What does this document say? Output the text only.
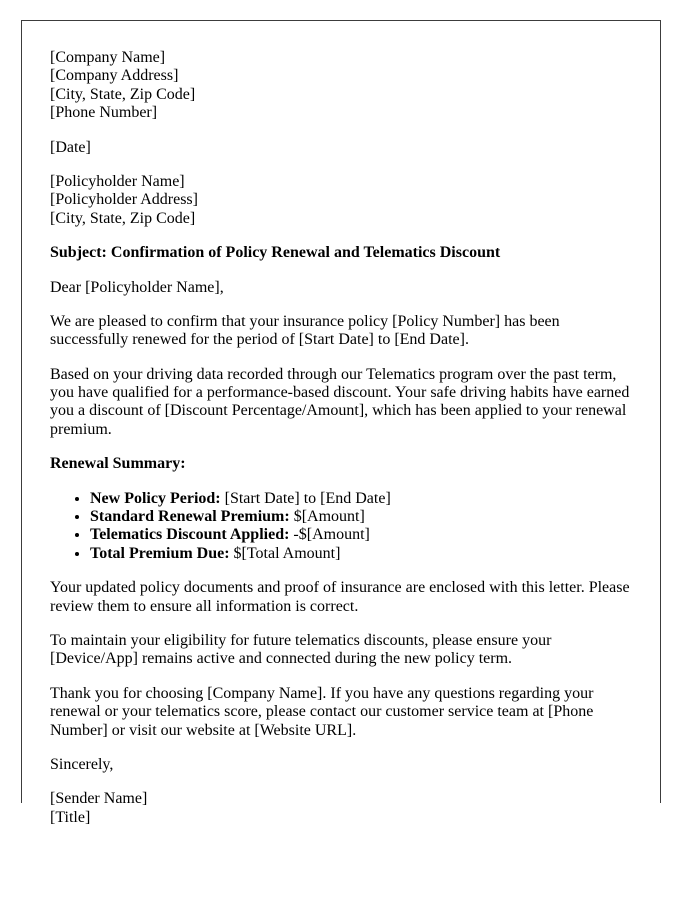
[Company Name]
[Company Address]
[City, State, Zip Code]
[Phone Number]

[Date]

[Policyholder Name]
[Policyholder Address]
[City, State, Zip Code]

Subject: Confirmation of Policy Renewal and Telematics Discount

Dear [Policyholder Name],

We are pleased to confirm that your insurance policy [Policy Number] has been successfully renewed for the period of [Start Date] to [End Date].

Based on your driving data recorded through our Telematics program over the past term, you have qualified for a performance-based discount. Your safe driving habits have earned you a discount of [Discount Percentage/Amount], which has been applied to your renewal premium.

Renewal Summary:

• New Policy Period: [Start Date] to [End Date]
• Standard Renewal Premium: $[Amount]
• Telematics Discount Applied: -$[Amount]
• Total Premium Due: $[Total Amount]

Your updated policy documents and proof of insurance are enclosed with this letter. Please review them to ensure all information is correct.

To maintain your eligibility for future telematics discounts, please ensure your [Device/App] remains active and connected during the new policy term.

Thank you for choosing [Company Name]. If you have any questions regarding your renewal or your telematics score, please contact our customer service team at [Phone Number] or visit our website at [Website URL].

Sincerely,

[Sender Name]
[Title]
